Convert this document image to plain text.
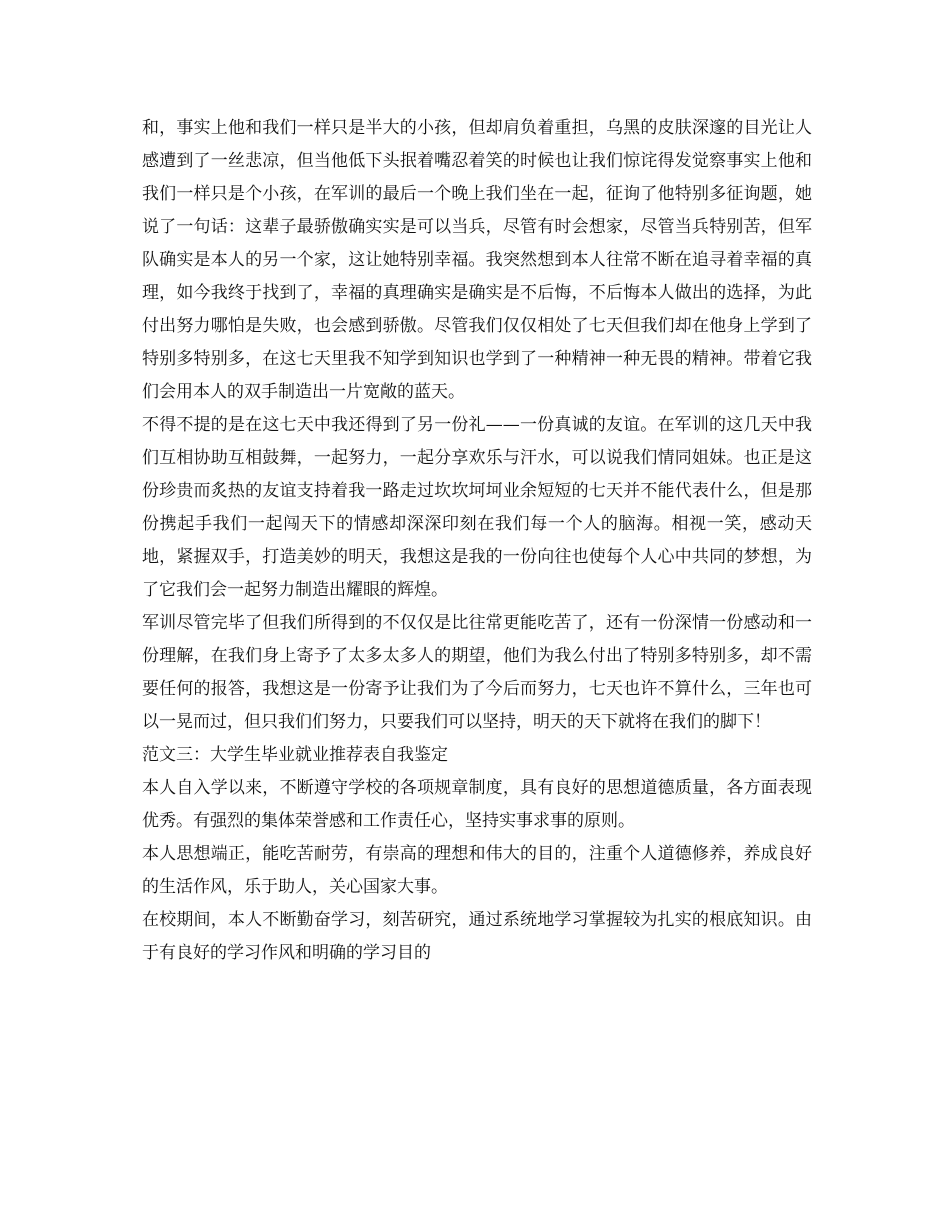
和，事实上他和我们一样只是半大的小孩，但却肩负着重担，乌黑的皮肤深邃的目光让人感遭到了一丝悲凉，但当他低下头抿着嘴忍着笑的时候也让我们惊诧得发觉察事实上他和我们一样只是个小孩，在军训的最后一个晚上我们坐在一起，征询了他特别多征询题，她说了一句话：这辈子最骄傲确实实是可以当兵，尽管有时会想家，尽管当兵特别苦，但军队确实是本人的另一个家，这让她特别幸福。我突然想到本人往常不断在追寻着幸福的真理，如今我终于找到了，幸福的真理确实是确实是不后悔，不后悔本人做出的选择，为此付出努力哪怕是失败，也会感到骄傲。尽管我们仅仅相处了七天但我们却在他身上学到了特别多特别多，在这七天里我不知学到知识也学到了一种精神一种无畏的精神。带着它我们会用本人的双手制造出一片宽敞的蓝天。

不得不提的是在这七天中我还得到了另一份礼——一份真诚的友谊。在军训的这几天中我们互相协助互相鼓舞，一起努力，一起分享欢乐与汗水，可以说我们情同姐妹。也正是这份珍贵而炙热的友谊支持着我一路走过坎坎坷坷业余短短的七天并不能代表什么，但是那份携起手我们一起闯天下的情感却深深印刻在我们每一个人的脑海。相视一笑，感动天地，紧握双手，打造美妙的明天，我想这是我的一份向往也使每个人心中共同的梦想，为了它我们会一起努力制造出耀眼的辉煌。

军训尽管完毕了但我们所得到的不仅仅是比往常更能吃苦了，还有一份深情一份感动和一份理解，在我们身上寄予了太多太多人的期望，他们为我么付出了特别多特别多，却不需要任何的报答，我想这是一份寄予让我们为了今后而努力，七天也许不算什么，三年也可以一晃而过，但只我们们努力，只要我们可以坚持，明天的天下就将在我们的脚下！

范文三：大学生毕业就业推荐表自我鉴定

本人自入学以来，不断遵守学校的各项规章制度，具有良好的思想道德质量，各方面表现优秀。有强烈的集体荣誉感和工作责任心，坚持实事求事的原则。

本人思想端正，能吃苦耐劳，有崇高的理想和伟大的目的，注重个人道德修养，养成良好的生活作风，乐于助人，关心国家大事。

在校期间，本人不断勤奋学习，刻苦研究，通过系统地学习掌握较为扎实的根底知识。由于有良好的学习作风和明确的学习目的
